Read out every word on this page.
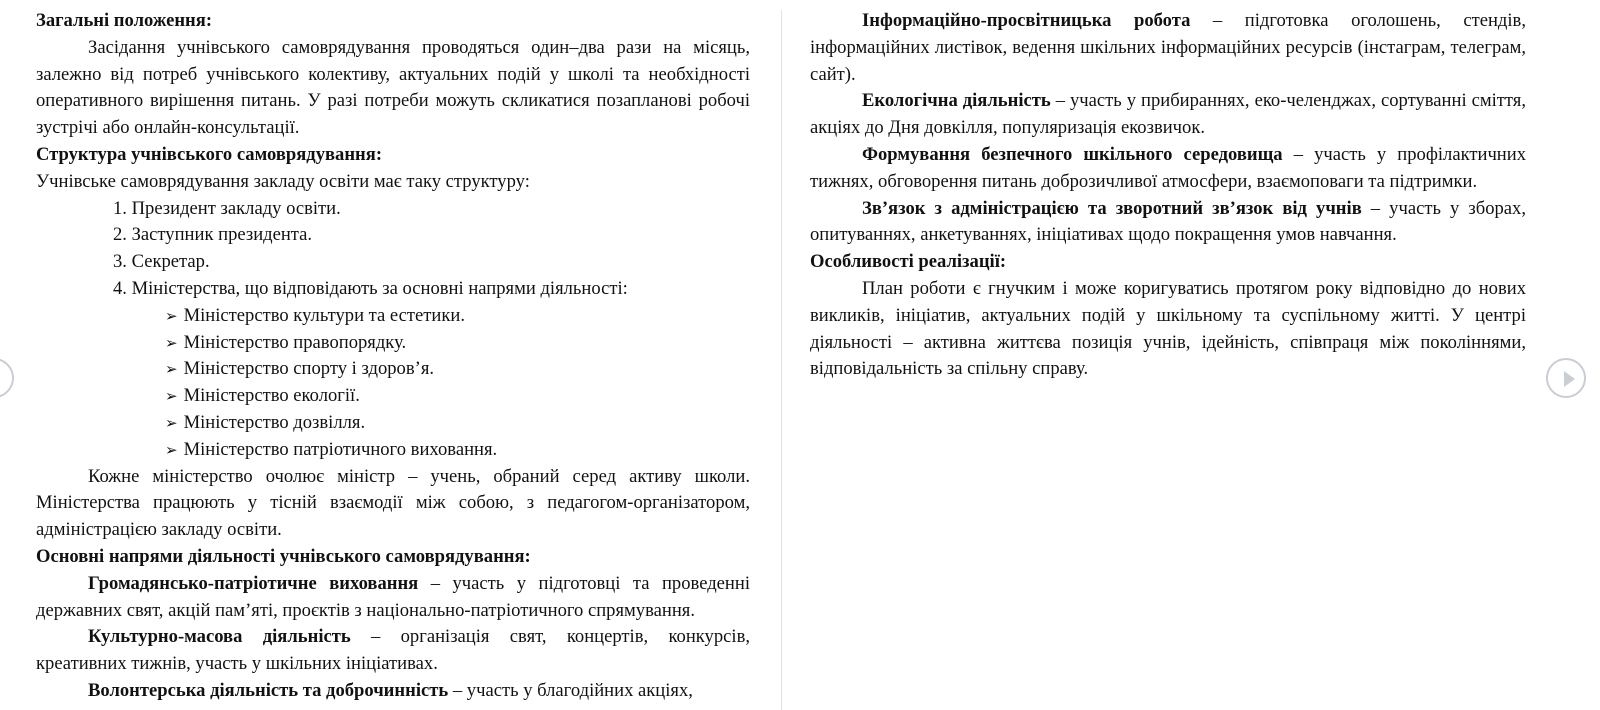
Загальні положення:

Засідання учнівського самоврядування проводяться один–два рази на місяць, залежно від потреб учнівського колективу, актуальних подій у школі та необхідності оперативного вирішення питань. У разі потреби можуть скликатися позапланові робочі зустрічі або онлайн-консультації.

Структура учнівського самоврядування:

Учнівське самоврядування закладу освіти має таку структуру:

1. Президент закладу освіти.

2. Заступник президента.

3. Секретар.

4. Міністерства, що відповідають за основні напрями діяльності:

➢ Міністерство культури та естетики.

➢ Міністерство правопорядку.

➢ Міністерство спорту і здоров’я.

➢ Міністерство екології.

➢ Міністерство дозвілля.

➢ Міністерство патріотичного виховання.

Кожне міністерство очолює міністр – учень, обраний серед активу школи. Міністерства працюють у тісній взаємодії між собою, з педагогом-організатором, адміністрацією закладу освіти.

Основні напрями діяльності учнівського самоврядування:

Громадянсько-патріотичне виховання – участь у підготовці та проведенні державних свят, акцій пам’яті, проєктів з національно-патріотичного спрямування.

Культурно-масова діяльність – організація свят, концертів, конкурсів, креативних тижнів, участь у шкільних ініціативах.

Волонтерська діяльність та доброчинність – участь у благодійних акціях,

Інформаційно-просвітницька робота – підготовка оголошень, стендів, інформаційних листівок, ведення шкільних інформаційних ресурсів (інстаграм, телеграм, сайт).

Екологічна діяльність – участь у прибираннях, еко-челенджах, сортуванні сміття, акціях до Дня довкілля, популяризація екозвичок.

Формування безпечного шкільного середовища – участь у профілактичних тижнях, обговорення питань доброзичливої атмосфери, взаємоповаги та підтримки.

Зв’язок з адміністрацією та зворотний зв’язок від учнів – участь у зборах, опитуваннях, анкетуваннях, ініціативах щодо покращення умов навчання.

Особливості реалізації:

План роботи є гнучким і може коригуватись протягом року відповідно до нових викликів, ініціатив, актуальних подій у шкільному та суспільному житті. У центрі діяльності – активна життєва позиція учнів, ідейність, співпраця між поколіннями, відповідальність за спільну справу.
